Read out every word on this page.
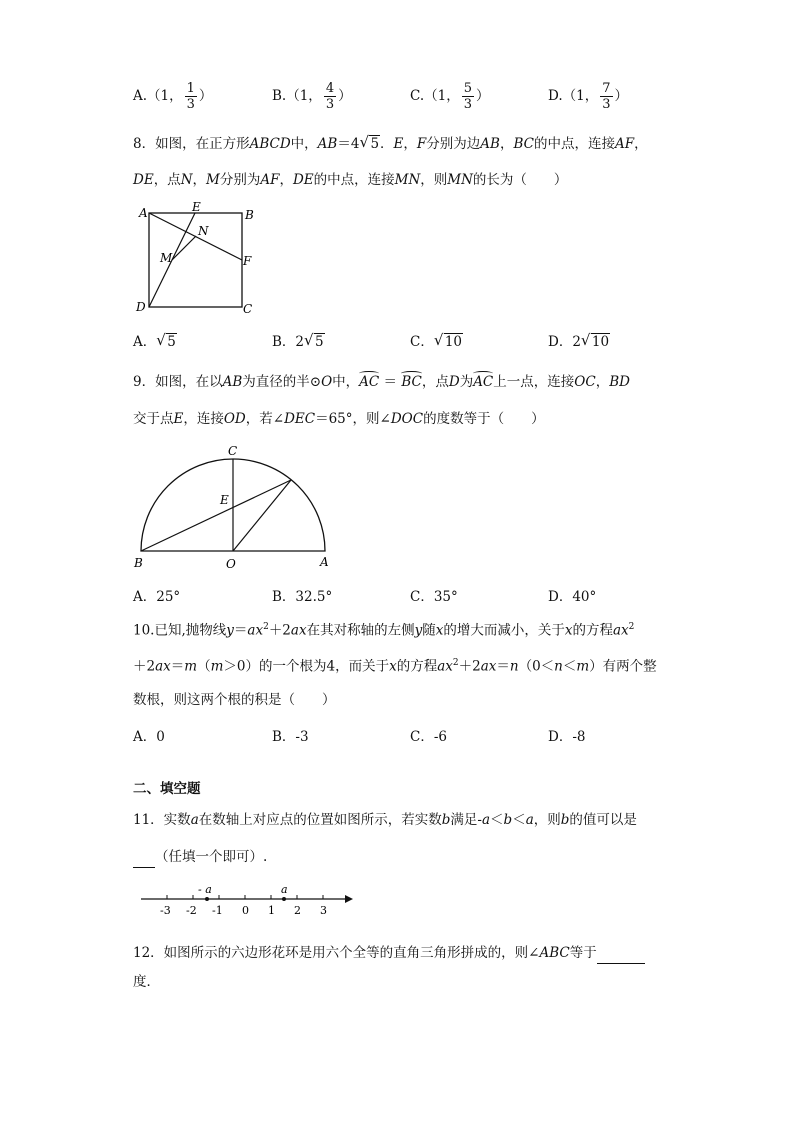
A.（1， $\frac{1}{3}$ ）	B.（1， $\frac{4}{3}$ ）	C.（1， $\frac{5}{3}$ ）	D.（1， $\frac{7}{3}$ ）
8．如图，在正方形ABCD中，AB＝4 √ 5．E，F分别为边AB，BC的中点，连接AF，
DE，点N，M分别为AF，DE的中点，连接MN，则MN的长为（　　）
A	E
B
N
M	F
D	C
A． √ 5	B．2 √ 5	C． √ 10	D．2 √ 10
9．如图，在以AB为直径的半⊙O中，AC ＝ BC，点D为AC上一点，连接OC，BD
交于点E，连接OD，若∠DEC＝65°，则∠DOC的度数等于（　　）
C
E
B	O	A
A．25°	B．32.5°	C．35°	D．40°
10.已知,抛物线$y=ax^2+2ax$在其对称轴的左侧y随x的增大而减小，关于x的方程$ax^2$
＋2ax＝m（m＞0）的一个根为4，而关于x的方程$ax^2+2ax=n(0<n<m)$有两个整
数根，则这两个根的积是（　　）
A．0	B．-3	C．-6	D．-8
二、填空题
11．实数a在数轴上对应点的位置如图所示，若实数b满足-a＜b＜a，则b的值可以是
（任填一个即可）.
- a	a
-3 -2 -1 0 1 2 3
12．如图所示的六边形花环是用六个全等的直角三角形拼成的，则∠ABC等于
度．
